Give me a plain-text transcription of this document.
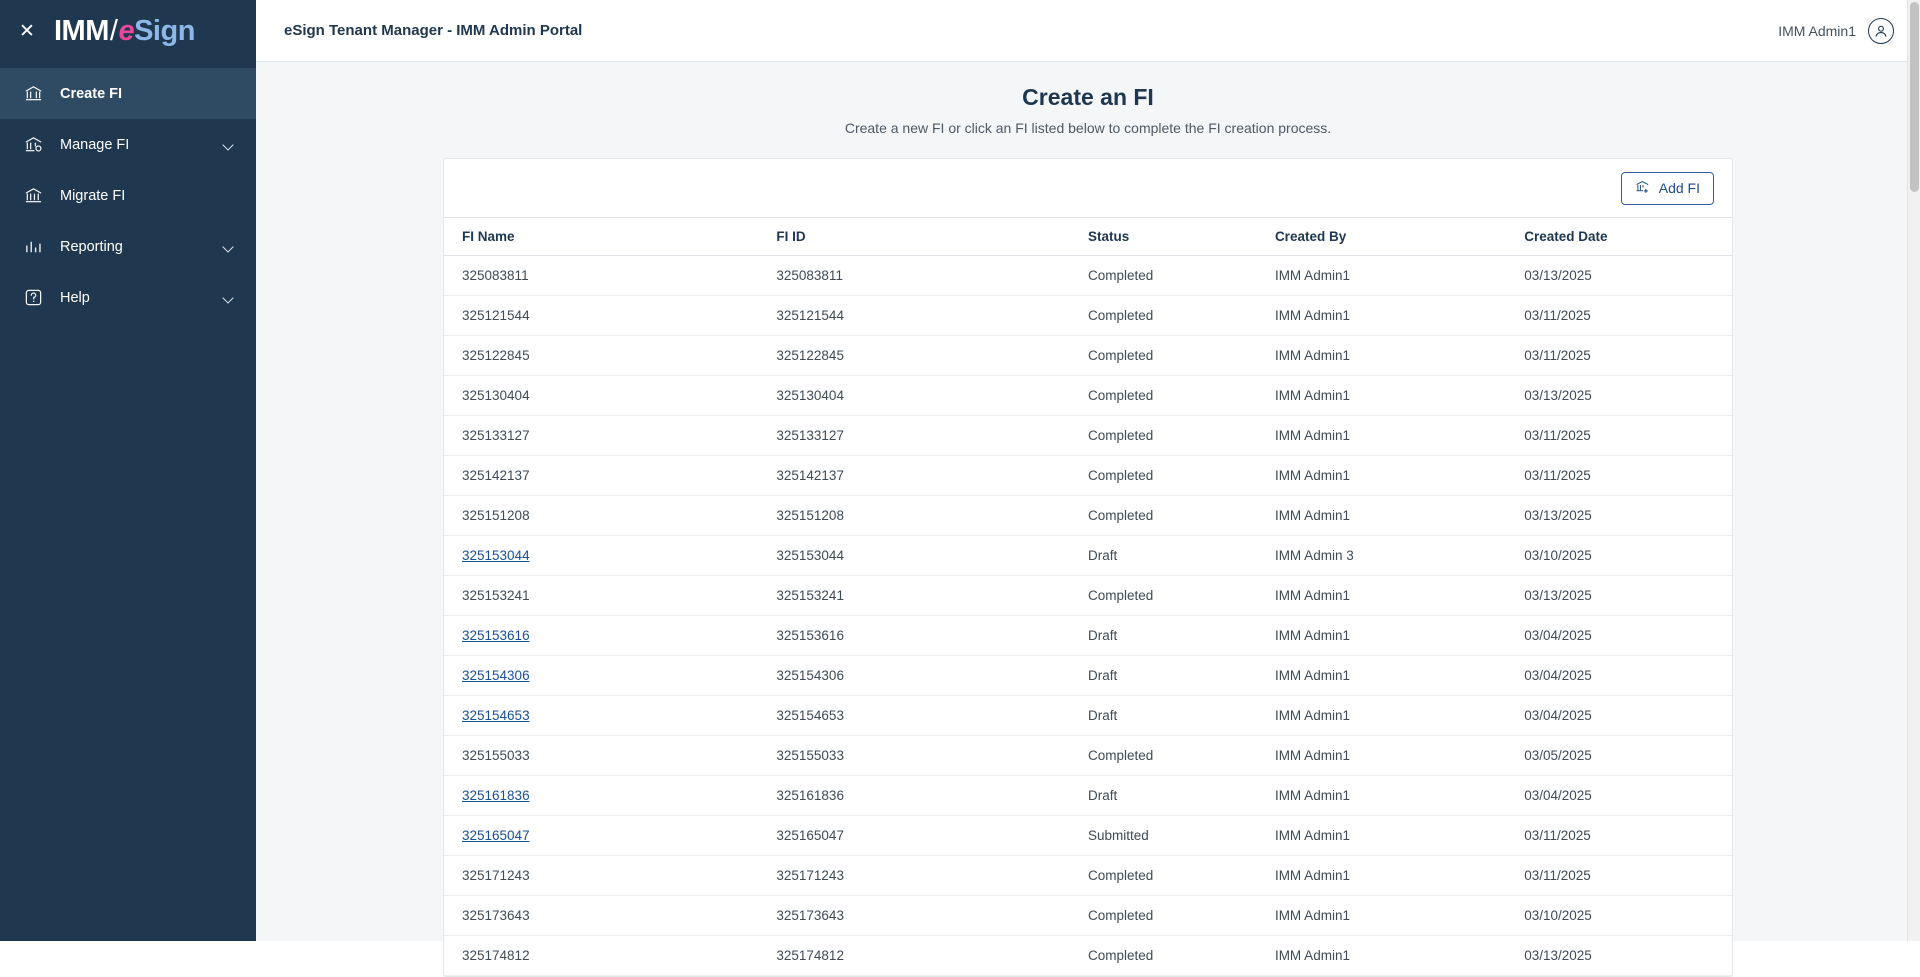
✕ IMM / e Sign
Create FI
Manage FI
Migrate FI
Reporting
Help
eSign Tenant Manager - IMM Admin Portal	IMM Admin1
Create an FI
Create a new FI or click an FI listed below to complete the FI creation process.
Add FI
FI Name	FI ID	Status	Created By	Created Date
325083811	325083811	Completed	IMM Admin1	03/13/2025
325121544	325121544	Completed	IMM Admin1	03/11/2025
325122845	325122845	Completed	IMM Admin1	03/11/2025
325130404	325130404	Completed	IMM Admin1	03/13/2025
325133127	325133127	Completed	IMM Admin1	03/11/2025
325142137	325142137	Completed	IMM Admin1	03/11/2025
325151208	325151208	Completed	IMM Admin1	03/13/2025
325153044	325153044	Draft	IMM Admin 3	03/10/2025
325153241	325153241	Completed	IMM Admin1	03/13/2025
325153616	325153616	Draft	IMM Admin1	03/04/2025
325154306	325154306	Draft	IMM Admin1	03/04/2025
325154653	325154653	Draft	IMM Admin1	03/04/2025
325155033	325155033	Completed	IMM Admin1	03/05/2025
325161836	325161836	Draft	IMM Admin1	03/04/2025
325165047	325165047	Submitted	IMM Admin1	03/11/2025
325171243	325171243	Completed	IMM Admin1	03/11/2025
325173643	325173643	Completed	IMM Admin1	03/10/2025
325174812	325174812	Completed	IMM Admin1	03/13/2025
